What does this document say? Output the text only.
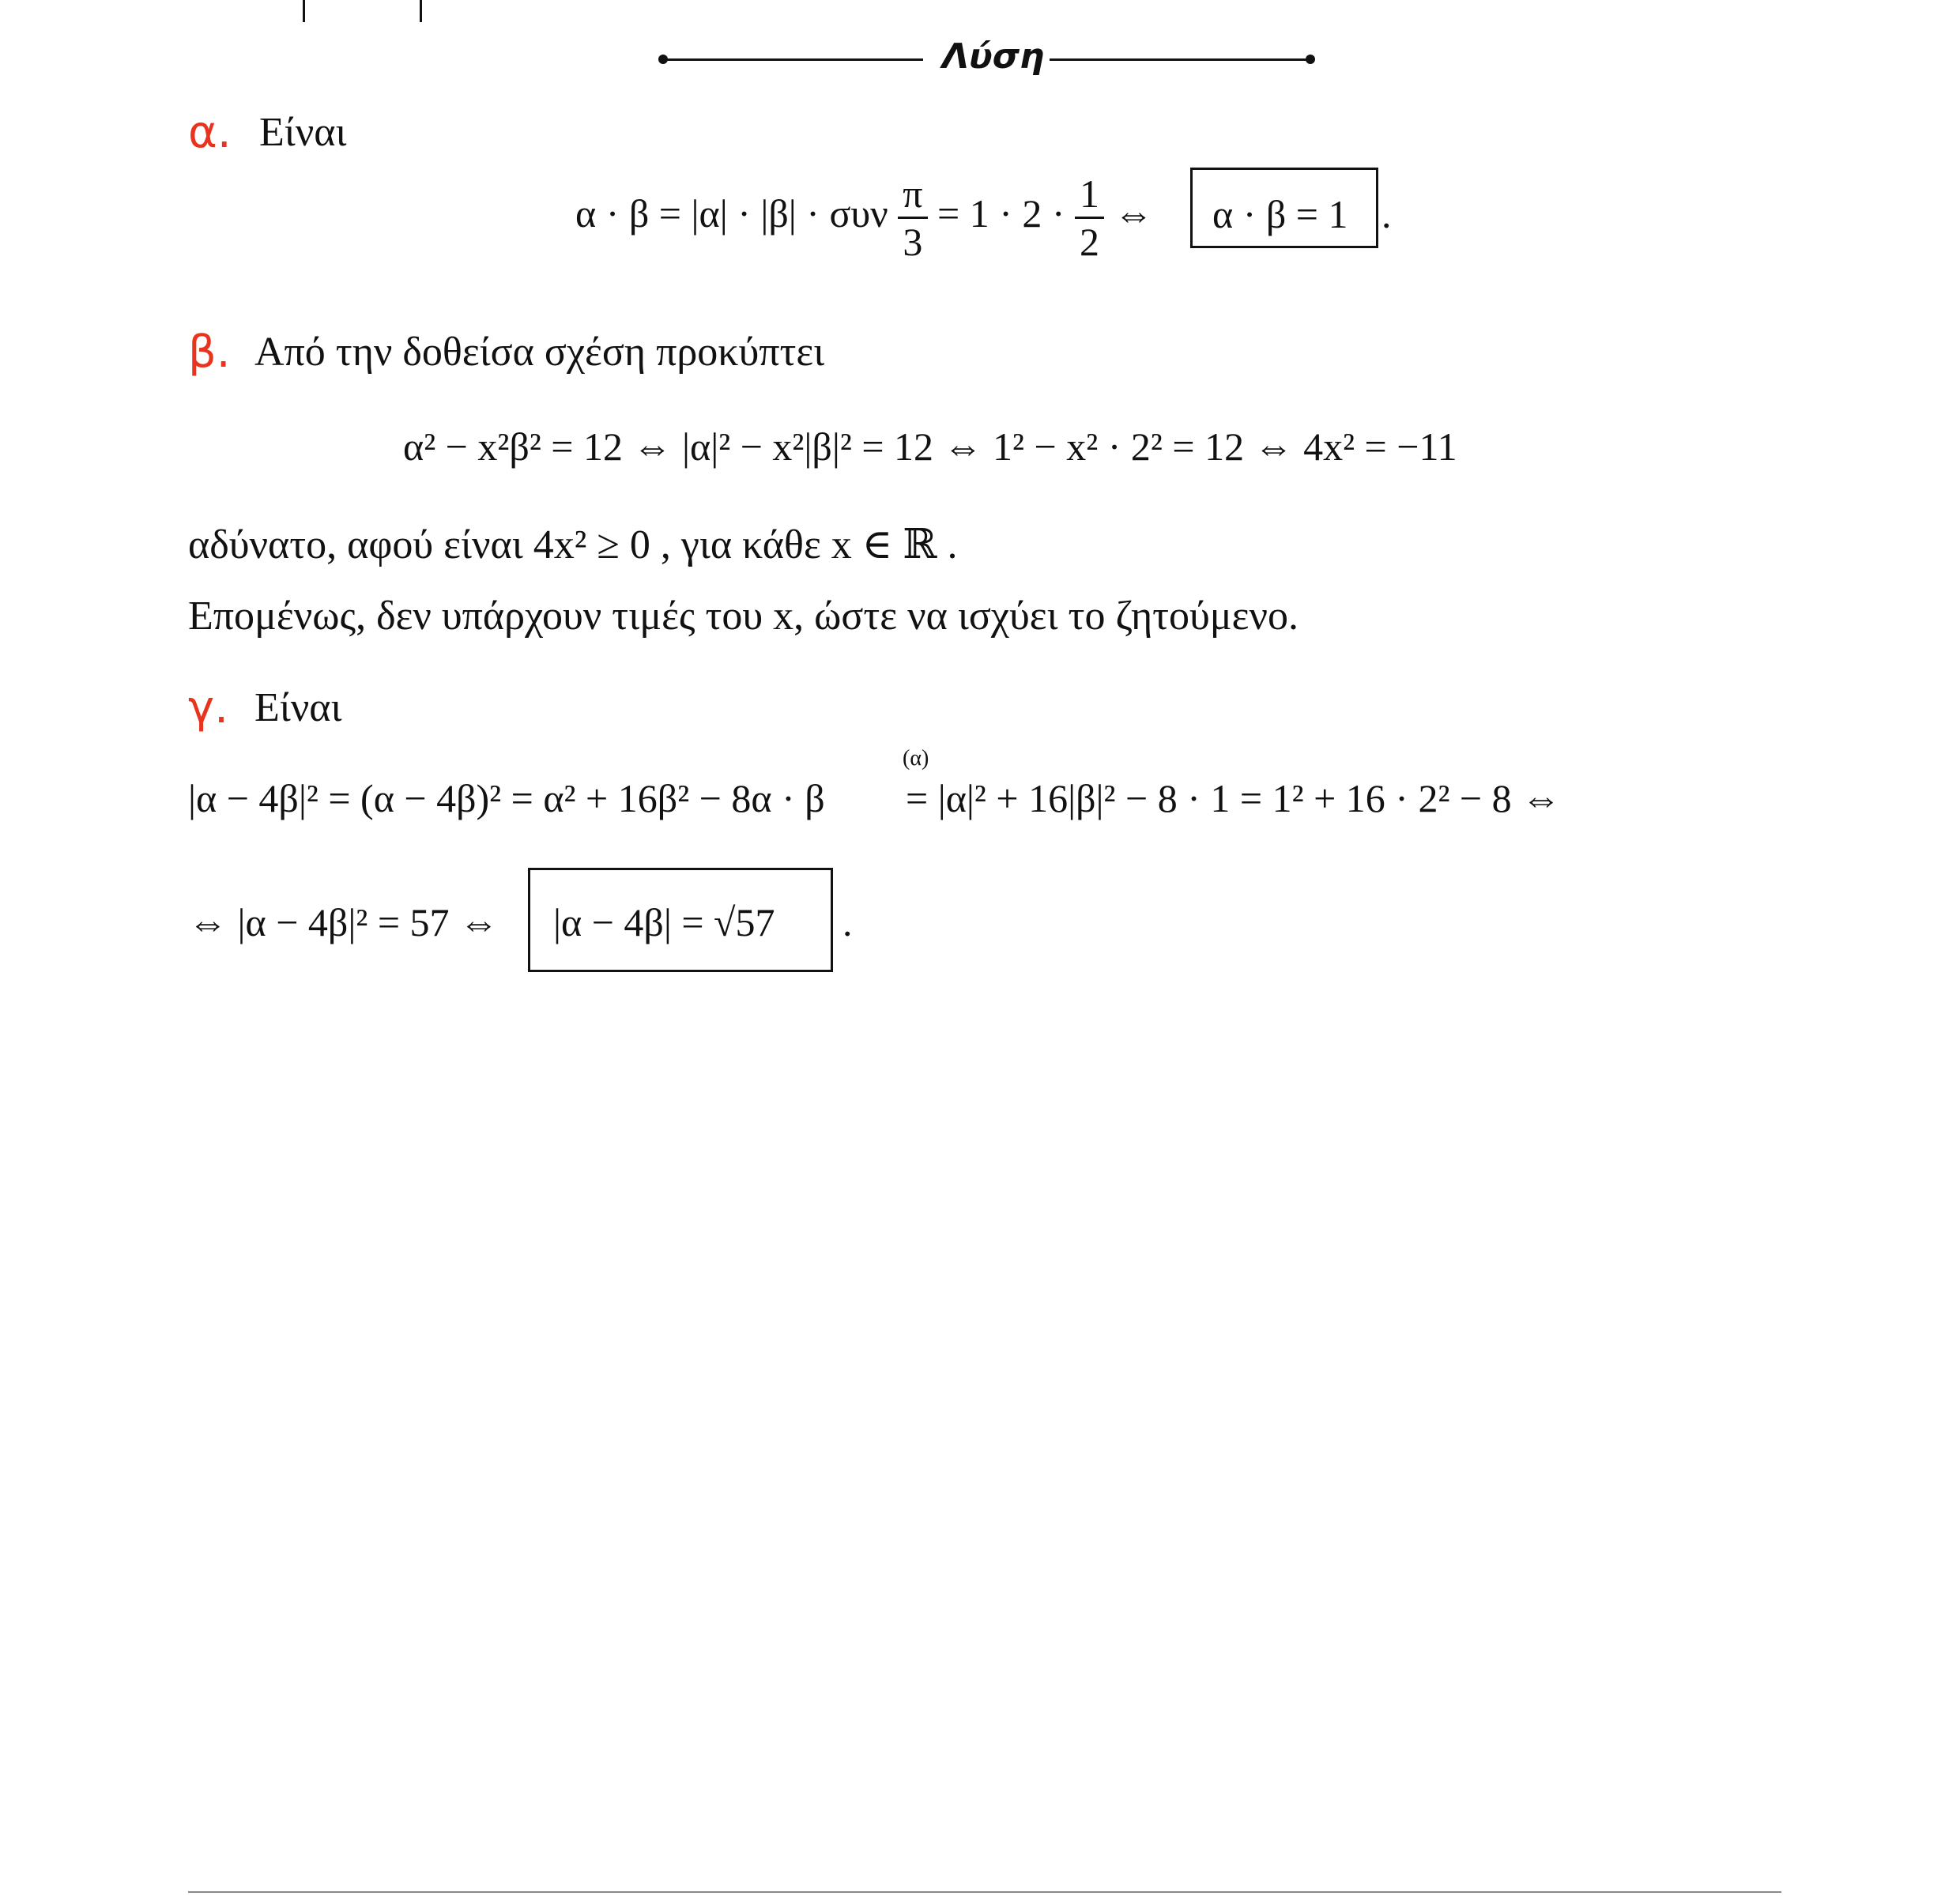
Λύση
α. Είναι
α · β = |α| · |β| · συν $\frac{\pi}{3} = 1 \cdot 2 \cdot \frac{1}{2}$ ⇔ α · β = 1 .
β. Από την δοθείσα σχέση προκύπτει
α² − x²β² = 12 ⇔ |α|² − x²|β|² = 12 ⇔ 1² − x² · 2² = 12 ⇔ 4x² = −11
αδύνατο, αφού είναι 4x² ≥ 0 , για κάθε x ∈ ℝ .
Επομένως, δεν υπάρχουν τιμές του x, ώστε να ισχύει το ζητούμενο.
γ. Είναι
|α − 4β|² = (α − 4β)² = α² + 16β² − 8α · β
(α)
= |α|² + 16|β|² − 8 · 1 = 1² + 16 · 2² − 8 ⇔
⇔ |α − 4β|² = 57 ⇔ |α − 4β| = √57 .
